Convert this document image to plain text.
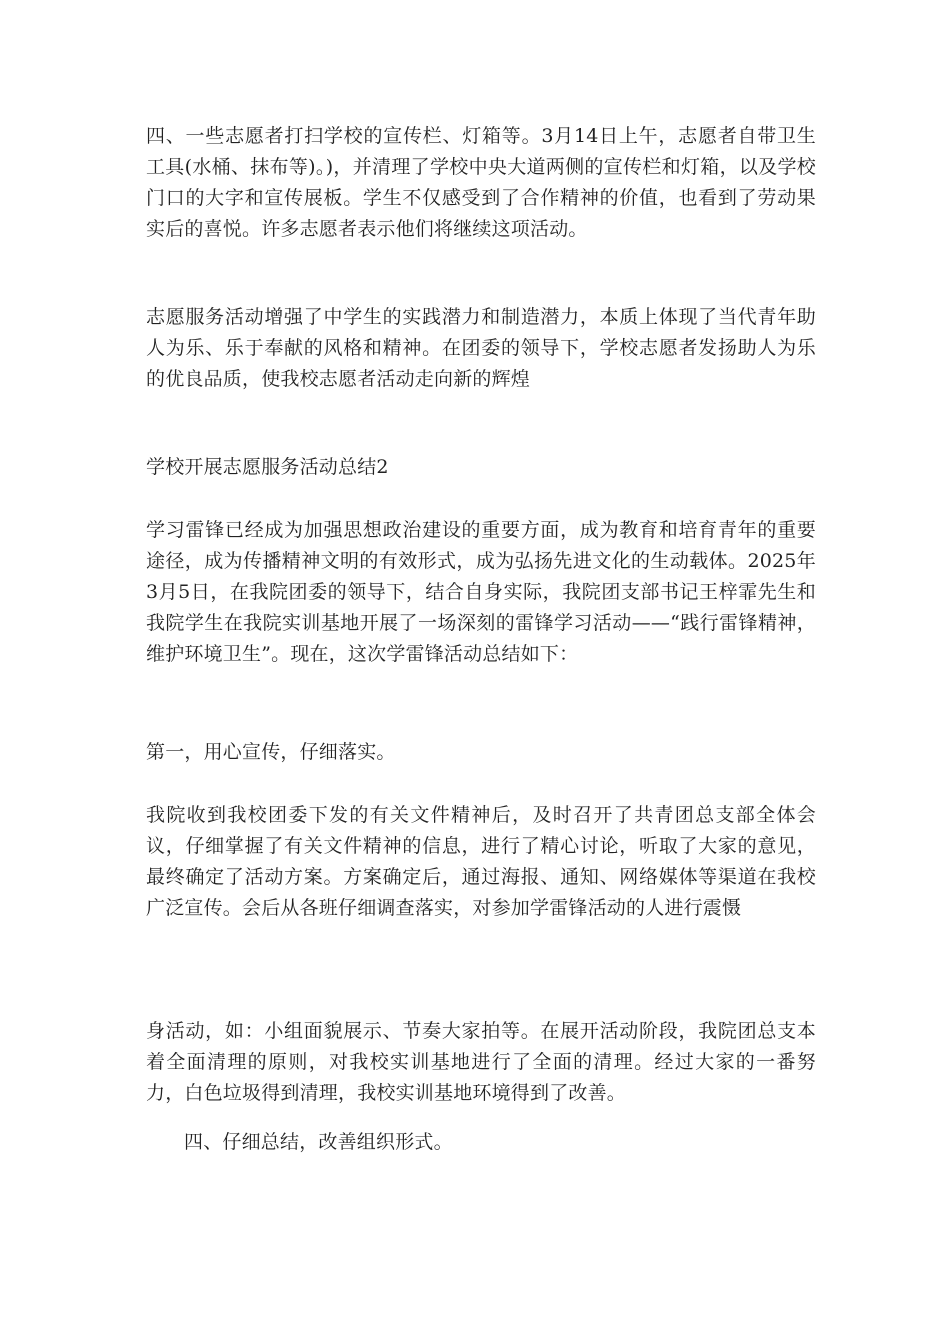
四、一些志愿者打扫学校的宣传栏、灯箱等。3月14日上午，志愿者自带卫生工具(水桶、抹布等)。)，并清理了学校中央大道两侧的宣传栏和灯箱，以及学校门口的大字和宣传展板。学生不仅感受到了合作精神的价值，也看到了劳动果实后的喜悦。许多志愿者表示他们将继续这项活动。

志愿服务活动增强了中学生的实践潜力和制造潜力，本质上体现了当代青年助人为乐、乐于奉献的风格和精神。在团委的领导下，学校志愿者发扬助人为乐的优良品质，使我校志愿者活动走向新的辉煌

学校开展志愿服务活动总结2

学习雷锋已经成为加强思想政治建设的重要方面，成为教育和培育青年的重要途径，成为传播精神文明的有效形式，成为弘扬先进文化的生动载体。2025年3月5日，在我院团委的领导下，结合自身实际，我院团支部书记王梓霏先生和我院学生在我院实训基地开展了一场深刻的雷锋学习活动——“践行雷锋精神，维护环境卫生”。现在，这次学雷锋活动总结如下：

第一，用心宣传，仔细落实。

我院收到我校团委下发的有关文件精神后，及时召开了共青团总支部全体会议，仔细掌握了有关文件精神的信息，进行了精心讨论，听取了大家的意见，最终确定了活动方案。方案确定后，通过海报、通知、网络媒体等渠道在我校广泛宣传。会后从各班仔细调查落实，对参加学雷锋活动的人进行震慑

身活动，如：小组面貌展示、节奏大家拍等。在展开活动阶段，我院团总支本着全面清理的原则，对我校实训基地进行了全面的清理。经过大家的一番努力，白色垃圾得到清理，我校实训基地环境得到了改善。

四、仔细总结，改善组织形式。
